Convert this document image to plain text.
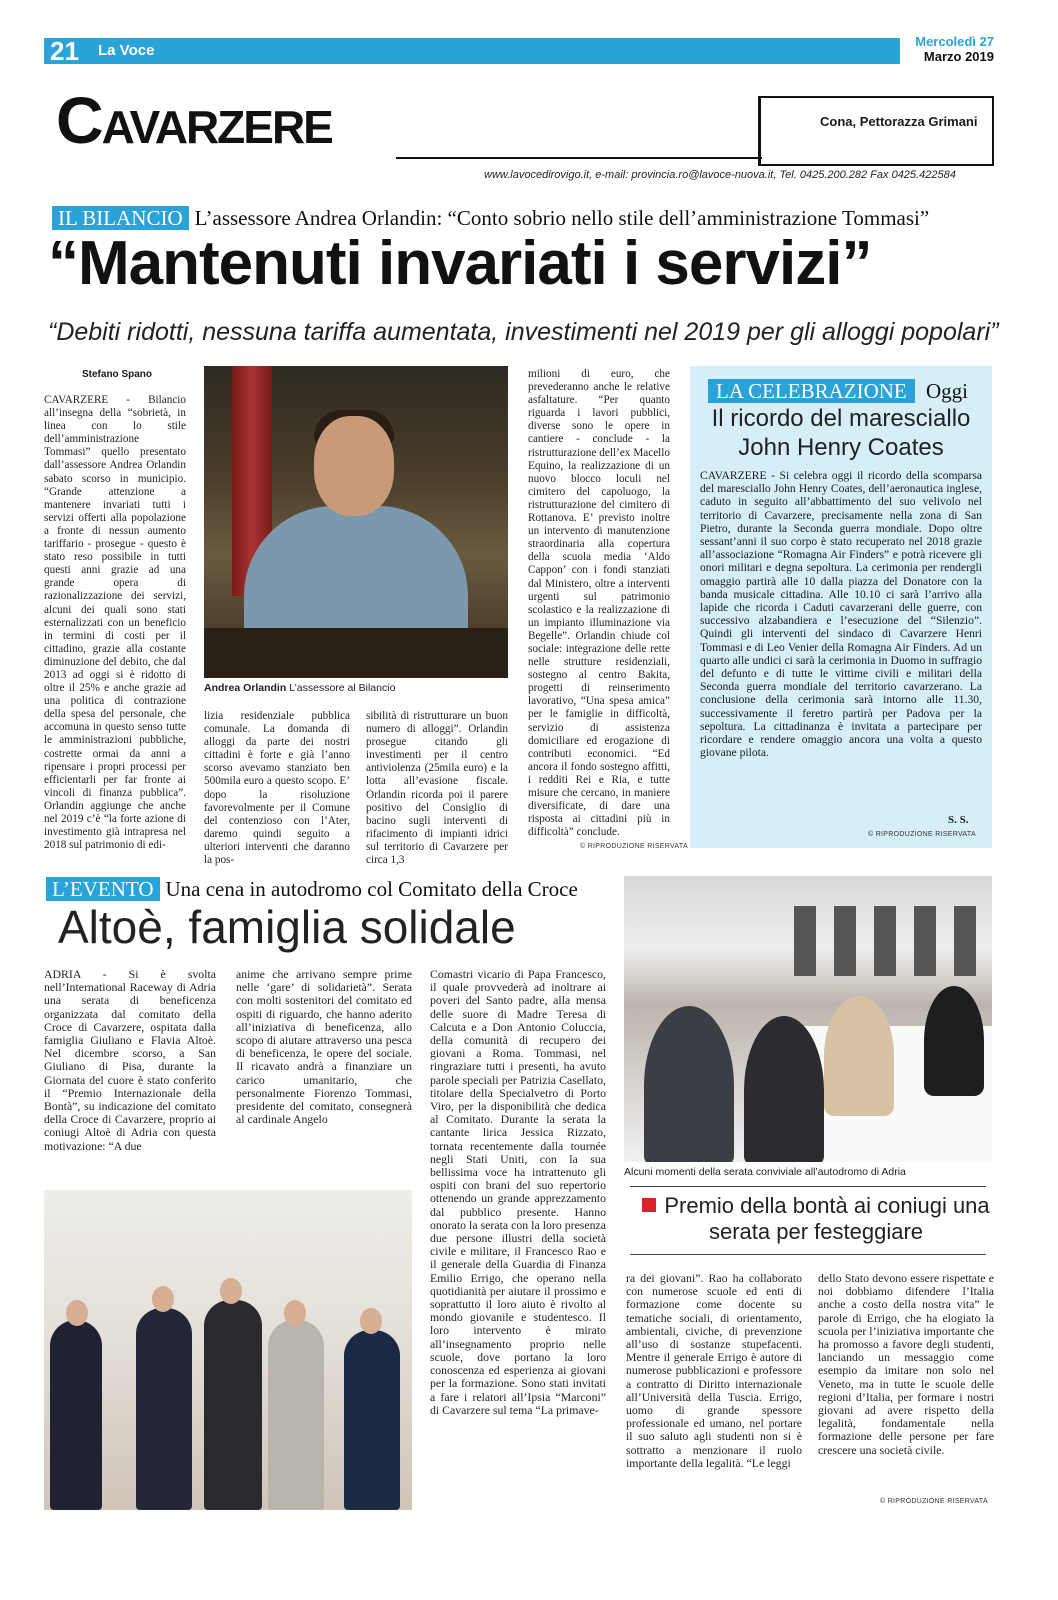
21 La Voce
Mercoledì 27
Marzo 2019
Cavarzere	Cona, Pettorazza Grimani
www.lavocedirovigo.it, e-mail: provincia.ro@lavoce-nuova.it, Tel. 0425.200.282 Fax 0425.422584
IL BILANCIO L’assessore Andrea Orlandin: “Conto sobrio nello stile dell’amministrazione Tommasi”
“Mantenuti invariati i servizi”
“Debiti ridotti, nessuna tariffa aumentata, investimenti nel 2019 per gli alloggi popolari”
Stefano Spano
CAVARZERE - Bilancio all’insegna della “sobrietà, in linea con lo stile dell’amministrazione Tommasi” quello presentato dall’assessore Andrea Orlandin sabato scorso in municipio. “Grande attenzione a mantenere invariati tutti i servizi offerti alla popolazione a fronte di nessun aumento tariffario - prosegue - questo è stato reso possibile in tutti questi anni grazie ad una grande opera di razionalizzazione dei servizi, alcuni dei quali sono stati esternalizzati con un beneficio in termini di costi per il cittadino, grazie alla costante diminuzione del debito, che dal 2013 ad oggi si è ridotto di oltre il 25% e anche grazie ad una politica di contrazione della spesa del personale, che accomuna in questo senso tutte le amministrazioni pubbliche, costrette ormai da anni a ripensare i propri processi per efficientarli per far fronte ai vincoli di finanza pubblica”. Orlandin aggiunge che anche nel 2019 c’è “la forte azione di investimento già intrapresa nel 2018 sul patrimonio di edi-
Andrea Orlandin L’assessore al Bilancio
lizia residenziale pubblica comunale. La domanda di alloggi da parte dei nostri cittadini è forte e già l’anno scorso avevamo stanziato ben 500mila euro a questo scopo. E’ dopo la risoluzione favorevolmente per il Comune del contenzioso con l’Ater, daremo quindi seguito a ulteriori interventi che daranno la pos-
sibilità di ristrutturare un buon numero di alloggi”. Orlandin prosegue citando gli investimenti per il centro antiviolenza (25mila euro) e la lotta all’evasione fiscale. Orlandin ricorda poi il parere positivo del Consiglio di bacino sugli interventi di rifacimento di impianti idrici sul territorio di Cavarzere per circa 1,3
milioni di euro, che prevederanno anche le relative asfaltature. “Per quanto riguarda i lavori pubblici, diverse sono le opere in cantiere - conclude - la ristrutturazione dell’ex Macello Equino, la realizzazione di un nuovo blocco loculi nel cimitero del capoluogo, la ristrutturazione del cimitero di Rottanova. E’ previsto inoltre un intervento di manutenzione straordinaria alla copertura della scuola media ‘Aldo Cappon’ con i fondi stanziati dal Ministero, oltre a interventi urgenti sul patrimonio scolastico e la realizzazione di un impianto illuminazione via Begelle”. Orlandin chiude col sociale: integrazione delle rette nelle strutture residenziali, sostegno al centro Bakita, progetti di reinserimento lavorativo, “Una spesa amica” per le famiglie in difficoltà, servizio di assistenza domiciliare ed erogazione di contributi economici. “Ed ancora il fondo sostegno affitti, i redditi Rei e Ria, e tutte misure che cercano, in maniere diversificate, di dare una risposta ai cittadini più in difficoltà” conclude.
© RIPRODUZIONE RISERVATA
LA CELEBRAZIONE Oggi
Il ricordo del maresciallo John Henry Coates
CAVARZERE - Si celebra oggi il ricordo della scomparsa del maresciallo John Henry Coates, dell’aeronautica inglese, caduto in seguito all’abbattimento del suo velivolo nel territorio di Cavarzere, precisamente nella zona di San Pietro, durante la Seconda guerra mondiale. Dopo oltre sessant’anni il suo corpo è stato recuperato nel 2018 grazie all’associazione “Romagna Air Finders” e potrà ricevere gli onori militari e degna sepoltura. La cerimonia per rendergli omaggio partirà alle 10 dalla piazza del Donatore con la banda musicale cittadina. Alle 10.10 ci sarà l’arrivo alla lapide che ricorda i Caduti cavarzerani delle guerre, con successivo alzabandiera e l’esecuzione del “Silenzio”. Quindi gli interventi del sindaco di Cavarzere Henri Tommasi e di Leo Venier della Romagna Air Finders. Ad un quarto alle undici ci sarà la cerimonia in Duomo in suffragio del defunto e di tutte le vittime civili e militari della Seconda guerra mondiale del territorio cavarzerano. La conclusione della cerimonia sarà intorno alle 11.30, successivamente il feretro partirà per Padova per la sepoltura. La cittadinanza è invitata a partecipare per ricordare e rendere omaggio ancora una volta a questo giovane pilota.
S. S.
© RIPRODUZIONE RISERVATA
L’EVENTO Una cena in autodromo col Comitato della Croce
Altoè, famiglia solidale
ADRIA - Si è svolta nell’International Raceway di Adria una serata di beneficenza organizzata dal comitato della Croce di Cavarzere, ospitata dalla famiglia Giuliano e Flavia Altoè. Nel dicembre scorso, a San Giuliano di Pisa, durante la Giornata del cuore è stato conferito il “Premio Internazionale della Bontà”, su indicazione del comitato della Croce di Cavarzere, proprio ai coniugi Altoè di Adria con questa motivazione: “A due
anime che arrivano sempre prime nelle ‘gare’ di solidarietà”. Serata con molti sostenitori del comitato ed ospiti di riguardo, che hanno aderito all’iniziativa di beneficenza, allo scopo di aiutare attraverso una pesca di beneficenza, le opere del sociale. Il ricavato andrà a finanziare un carico umanitario, che personalmente Fiorenzo Tommasi, presidente del comitato, consegnerà al cardinale Angelo
Comastri vicario di Papa Francesco, il quale provvederà ad inoltrare ai poveri del Santo padre, alla mensa delle suore di Madre Teresa di Calcuta e a Don Antonio Coluccia, della comunità di recupero dei giovani a Roma. Tommasi, nel ringraziare tutti i presenti, ha avuto parole speciali per Patrizia Casellato, titolare della Specialvetro di Porto Viro, per la disponibilità che dedica al Comitato. Durante la serata la cantante lirica Jessica Rizzato, tornata recentemente dalla tournée negli Stati Uniti, con la sua bellissima voce ha intrattenuto gli ospiti con brani del suo repertorio ottenendo un grande apprezzamento dal pubblico presente. Hanno onorato la serata con la loro presenza due persone illustri della società civile e militare, il Francesco Rao e il generale della Guardia di Finanza Emilio Errigo, che operano nella quotidianità per aiutare il prossimo e soprattutto il loro aiuto è rivolto al mondo giovanile e studentesco. Il loro intervento è mirato all’insegnamento proprio nelle scuole, dove portano la loro conoscenza ed esperienza ai giovani per la formazione. Sono stati invitati a fare i relatori all’Ipsia “Marconi” di Cavarzere sul tema “La primave-
Alcuni momenti della serata conviviale all’autodromo di Adria
Premio della bontà ai coniugi una serata per festeggiare
ra dei giovani”. Rao ha collaborato con numerose scuole ed enti di formazione come docente su tematiche sociali, di orientamento, ambientali, civiche, di prevenzione all’uso di sostanze stupefacenti. Mentre il generale Errigo è autore di numerose pubblicazioni e professore a contratto di Diritto internazionale all’Università della Tuscia. Errigo, uomo di grande spessore professionale ed umano, nel portare il suo saluto agli studenti non si è sottratto a menzionare il ruolo importante della legalità. “Le leggi
dello Stato devono essere rispettate e noi dobbiamo difendere l’Italia anche a costo della nostra vita” le parole di Errigo, che ha elogiato la scuola per l’iniziativa importante che ha promosso a favore degli studenti, lanciando un messaggio come esempio da imitare non solo nel Veneto, ma in tutte le scuole delle regioni d’Italia, per formare i nostri giovani ad avere rispetto della legalità, fondamentale nella formazione delle persone per fare crescere una società civile.
© RIPRODUZIONE RISERVATA
